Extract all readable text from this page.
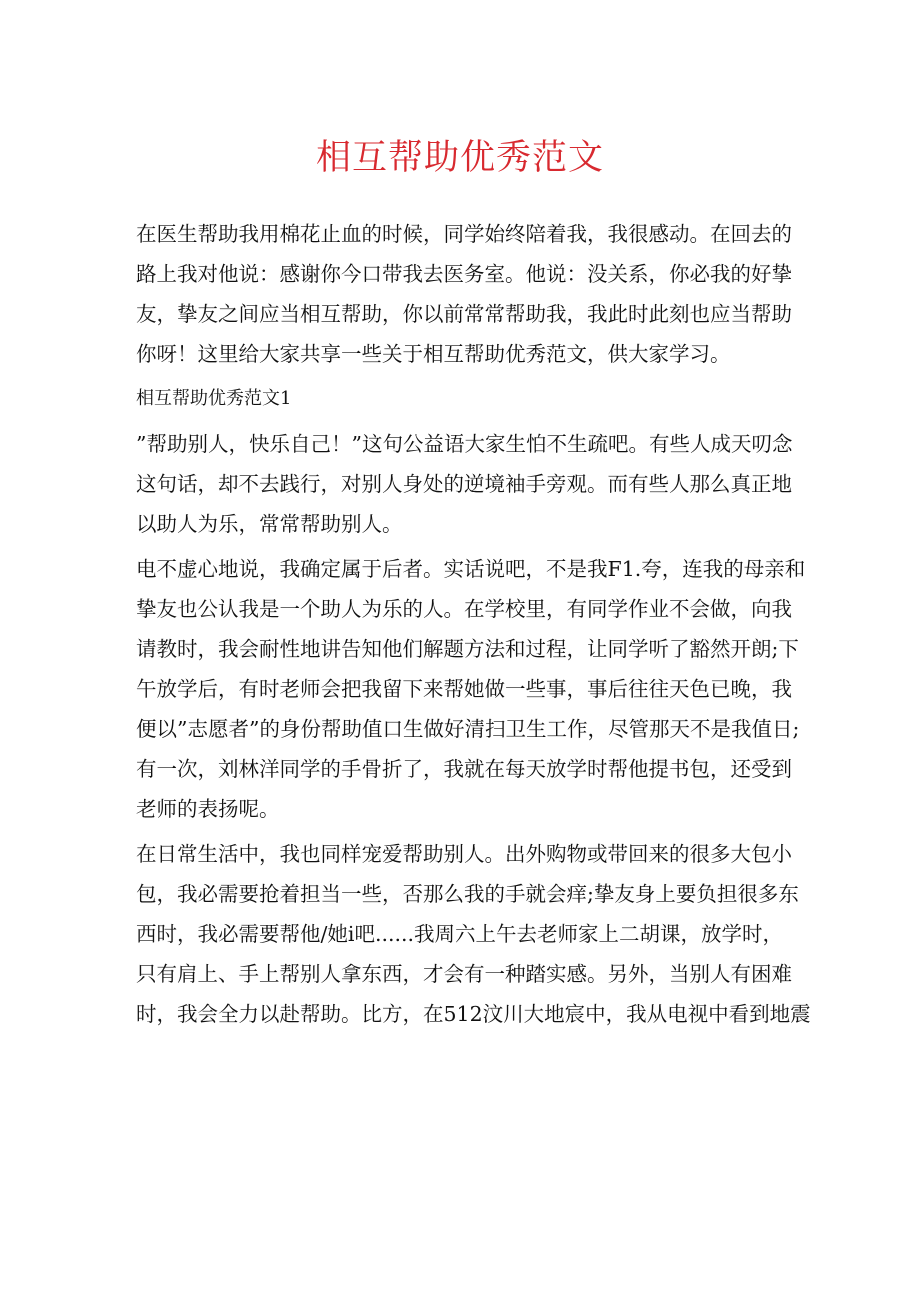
相互帮助优秀范文

在医生帮助我用棉花止血的时候，同学始终陪着我，我很感动。在回去的
路上我对他说：感谢你今口带我去医务室。他说：没关系，你必我的好挚
友，挚友之间应当相互帮助，你以前常常帮助我，我此时此刻也应当帮助
你呀！这里给大家共享一些关于相互帮助优秀范文，供大家学习。

相互帮助优秀范文1

”帮助别人，快乐自己！”这句公益语大家生怕不生疏吧。有些人成天叨念
这句话，却不去践行，对别人身处的逆境袖手旁观。而有些人那么真正地
以助人为乐，常常帮助别人。

电不虚心地说，我确定属于后者。实话说吧，不是我F1.夸，连我的母亲和
挚友也公认我是一个助人为乐的人。在学校里，有同学作业不会做，向我
请教时，我会耐性地讲告知他们解题方法和过程，让同学听了豁然开朗;下
午放学后，有时老师会把我留下来帮她做一些事，事后往往天色已晚，我
便以”志愿者”的身份帮助值口生做好清扫卫生工作，尽管那天不是我值日;
有一次，刘林洋同学的手骨折了，我就在每天放学时帮他提书包，还受到
老师的表扬呢。

在日常生活中，我也同样宠爱帮助别人。出外购物或带回来的很多大包小
包，我必需要抢着担当一些，否那么我的手就会痒;挚友身上要负担很多东
西时，我必需要帮他/她i吧......我周六上午去老师家上二胡课，放学时，
只有肩上、手上帮别人拿东西，才会有一种踏实感。另外，当别人有困难
时，我会全力以赴帮助。比方，在512汶川大地宸中，我从电视中看到地震
